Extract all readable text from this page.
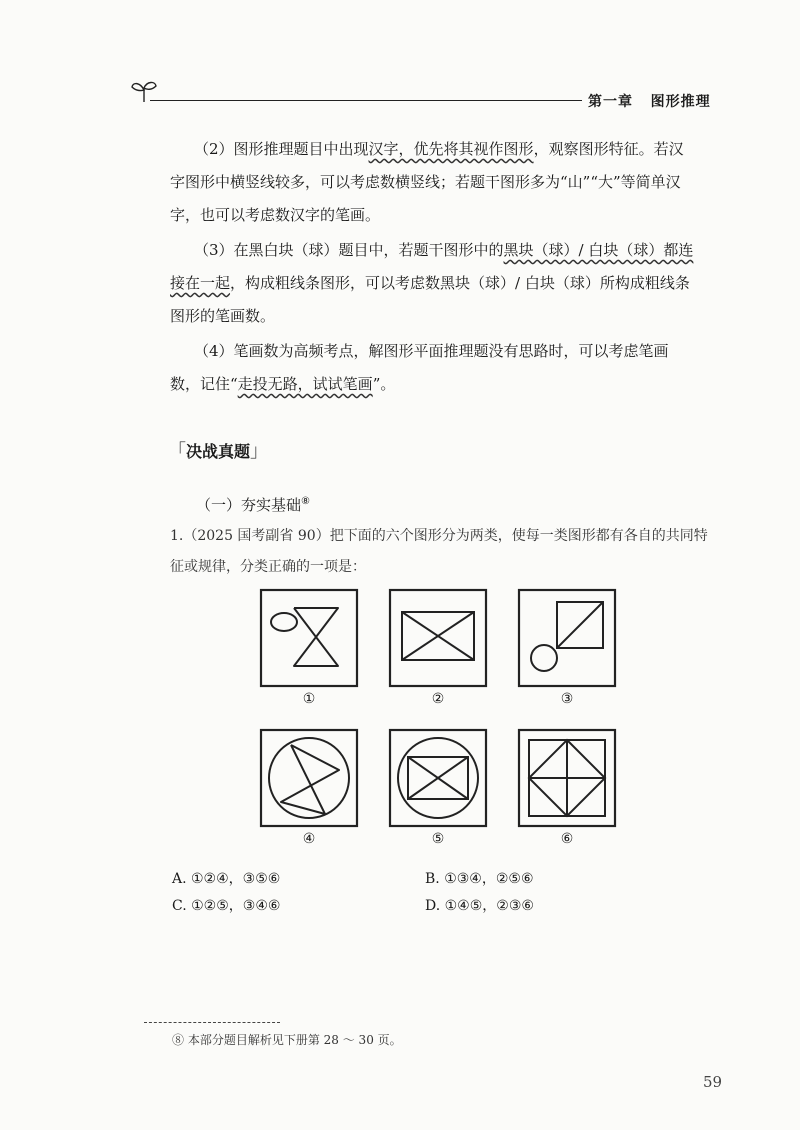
第一章 图形推理

（2）图形推理题目中出现汉字，优先将其视作图形，观察图形特征。若汉字图形中横竖线较多，可以考虑数横竖线；若题干图形多为“山”“大”等简单汉字，也可以考虑数汉字的笔画。

（3）在黑白块（球）题目中，若题干图形中的黑块（球）/ 白块（球）都连接在一起，构成粗线条图形，可以考虑数黑块（球）/ 白块（球）所构成粗线条图形的笔画数。

（4）笔画数为高频考点，解图形平面推理题没有思路时，可以考虑笔画数，记住“走投无路，试试笔画”。

「决战真题」
（一）夯实基础⑧

1.（2025 国考副省 90）把下面的六个图形分为两类，使每一类图形都有各自的共同特征或规律，分类正确的一项是：

①	②	③
④	⑤	⑥
A. ①②④，③⑤⑥	B. ①③④，②⑤⑥
C. ①②⑤，③④⑥	D. ①④⑤，②③⑥
⑧ 本部分题目解析见下册第 28 ～ 30 页。
59
